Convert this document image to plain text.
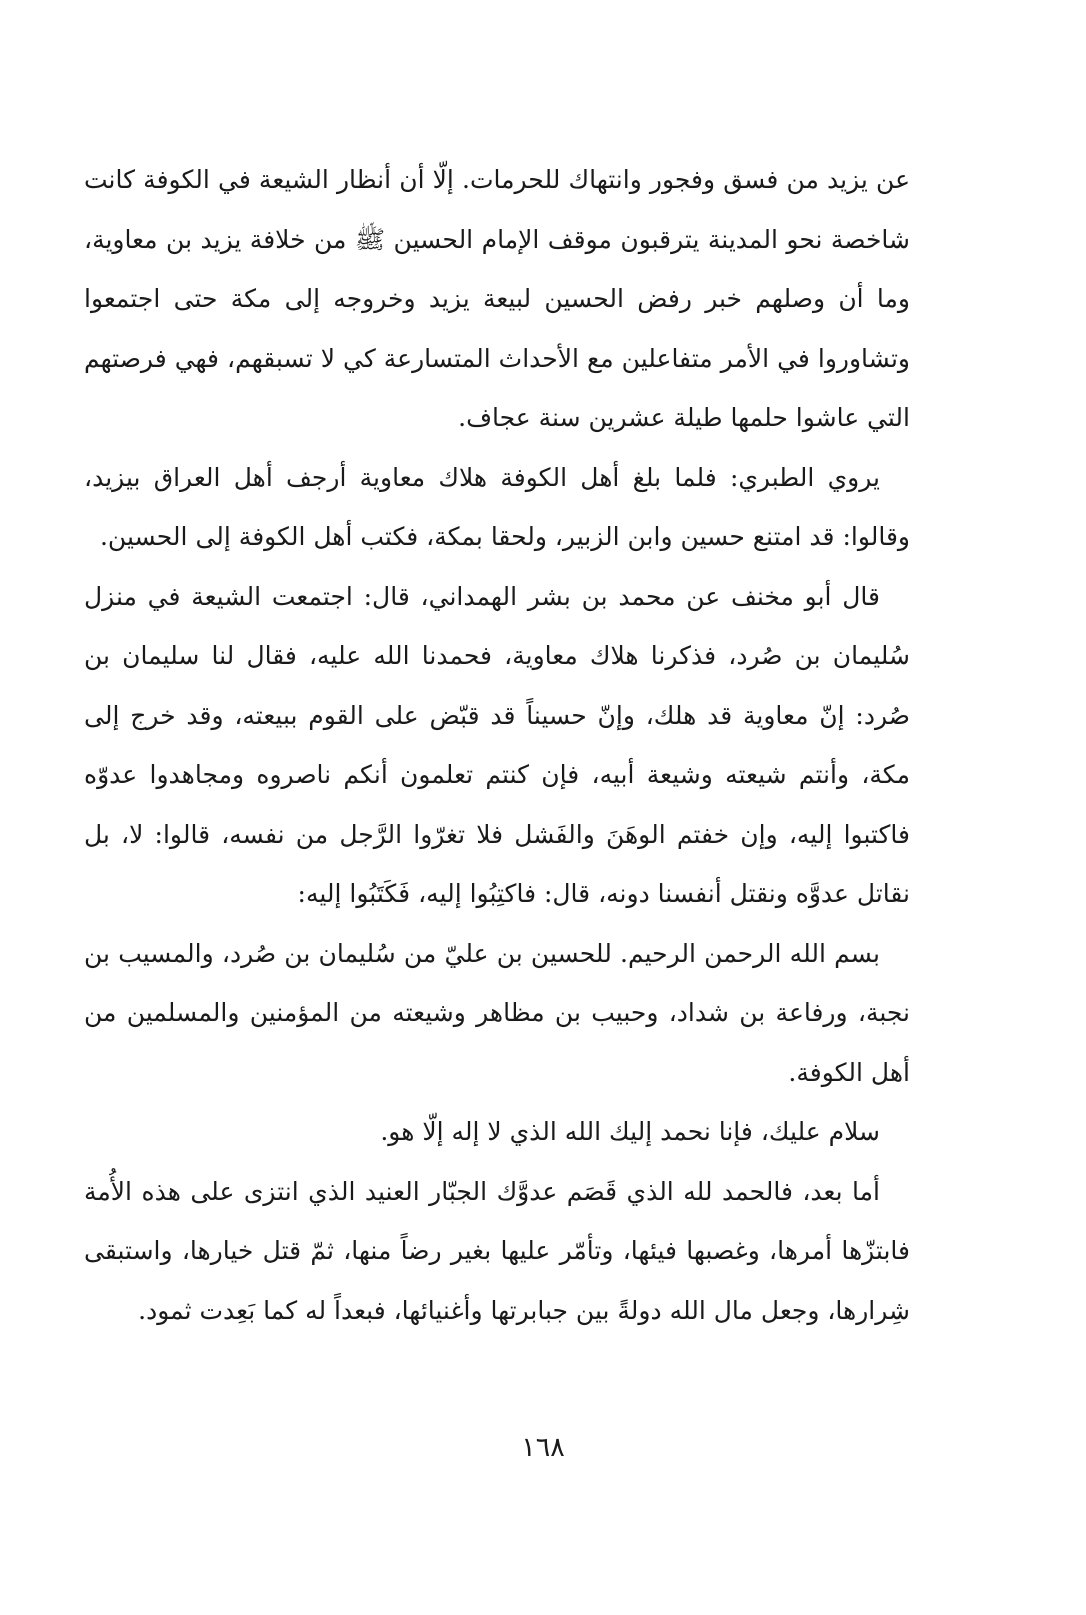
عن يزيد من فسق وفجور وانتهاك للحرمات. إلّا أن أنظار الشيعة في الكوفة كانت شاخصة نحو المدينة يترقبون موقف الإمام الحسين ﷺ من خلافة يزيد بن معاوية، وما أن وصلهم خبر رفض الحسين لبيعة يزيد وخروجه إلى مكة حتى اجتمعوا وتشاوروا في الأمر متفاعلين مع الأحداث المتسارعة كي لا تسبقهم، فهي فرصتهم التي عاشوا حلمها طيلة عشرين سنة عجاف.

يروي الطبري: فلما بلغ أهل الكوفة هلاك معاوية أرجف أهل العراق بيزيد، وقالوا: قد امتنع حسين وابن الزبير، ولحقا بمكة، فكتب أهل الكوفة إلى الحسين.

قال أبو مخنف عن محمد بن بشر الهمداني، قال: اجتمعت الشيعة في منزل سُليمان بن صُرد، فذكرنا هلاك معاوية، فحمدنا الله عليه، فقال لنا سليمان بن صُرد: إنّ معاوية قد هلك، وإنّ حسيناً قد قبّض على القوم ببيعته، وقد خرج إلى مكة، وأنتم شيعته وشيعة أبيه، فإن كنتم تعلمون أنكم ناصروه ومجاهدوا عدوّه فاكتبوا إليه، وإن خفتم الوهَنَ والفَشل فلا تغرّوا الرَّجل من نفسه، قالوا: لا، بل نقاتل عدوَّه ونقتل أنفسنا دونه، قال: فاكتِبُوا إليه، فَكَتَبُوا إليه:

بسم الله الرحمن الرحيم. للحسين بن عليّ من سُليمان بن صُرد، والمسيب بن نجبة، ورفاعة بن شداد، وحبيب بن مظاهر وشيعته من المؤمنين والمسلمين من أهل الكوفة.

سلام عليك، فإنا نحمد إليك الله الذي لا إله إلّا هو.

أما بعد، فالحمد لله الذي قَصَم عدوَّك الجبّار العنيد الذي انتزى على هذه الأُمة فابتزّها أمرها، وغصبها فيئها، وتأمّر عليها بغير رضاً منها، ثمّ قتل خيارها، واستبقى شِرارها، وجعل مال الله دولةً بين جبابرتها وأغنيائها، فبعداً له كما بَعِدت ثمود.

١٦٨
